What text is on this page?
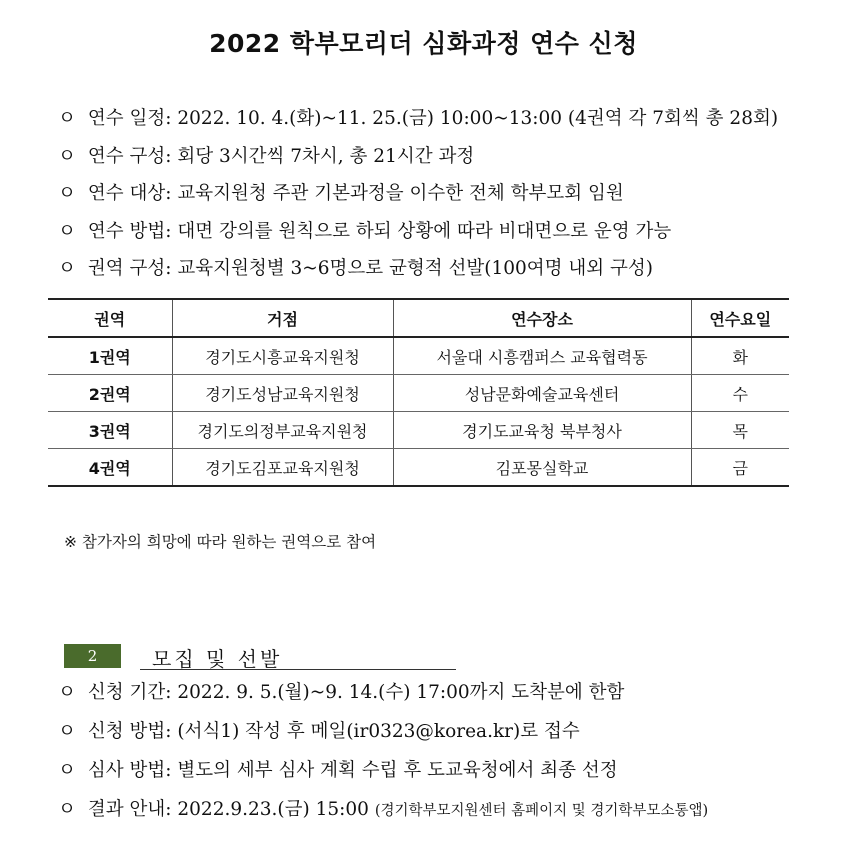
2022 학부모리더 심화과정 연수 신청
ㅇ 연수 일정: 2022. 10. 4.(화)~11. 25.(금) 10:00~13:00 (4권역 각 7회씩 총 28회)
ㅇ 연수 구성: 회당 3시간씩 7차시, 총 21시간 과정
ㅇ 연수 대상: 교육지원청 주관 기본과정을 이수한 전체 학부모회 임원
ㅇ 연수 방법: 대면 강의를 원칙으로 하되 상황에 따라 비대면으로 운영 가능
ㅇ 권역 구성: 교육지원청별 3~6명으로 균형적 선발(100여명 내외 구성)
권역	거점	연수장소	연수요일
1권역	경기도시흥교육지원청	서울대 시흥캠퍼스 교육협력동	화
2권역	경기도성남교육지원청	성남문화예술교육센터	수
3권역	경기도의정부교육지원청	경기도교육청 북부청사	목
4권역	경기도김포교육지원청	김포몽실학교	금
※ 참가자의 희망에 따라 원하는 권역으로 참여
2	모집 및 선발
ㅇ 신청 기간: 2022. 9. 5.(월)~9. 14.(수) 17:00까지 도착분에 한함
ㅇ 신청 방법: (서식1) 작성 후 메일(ir0323@korea.kr)로 접수
ㅇ 심사 방법: 별도의 세부 심사 계획 수립 후 도교육청에서 최종 선정
ㅇ 결과 안내: 2022.9.23.(금) 15:00 (경기학부모지원센터 홈페이지 및 경기학부모소통앱)
